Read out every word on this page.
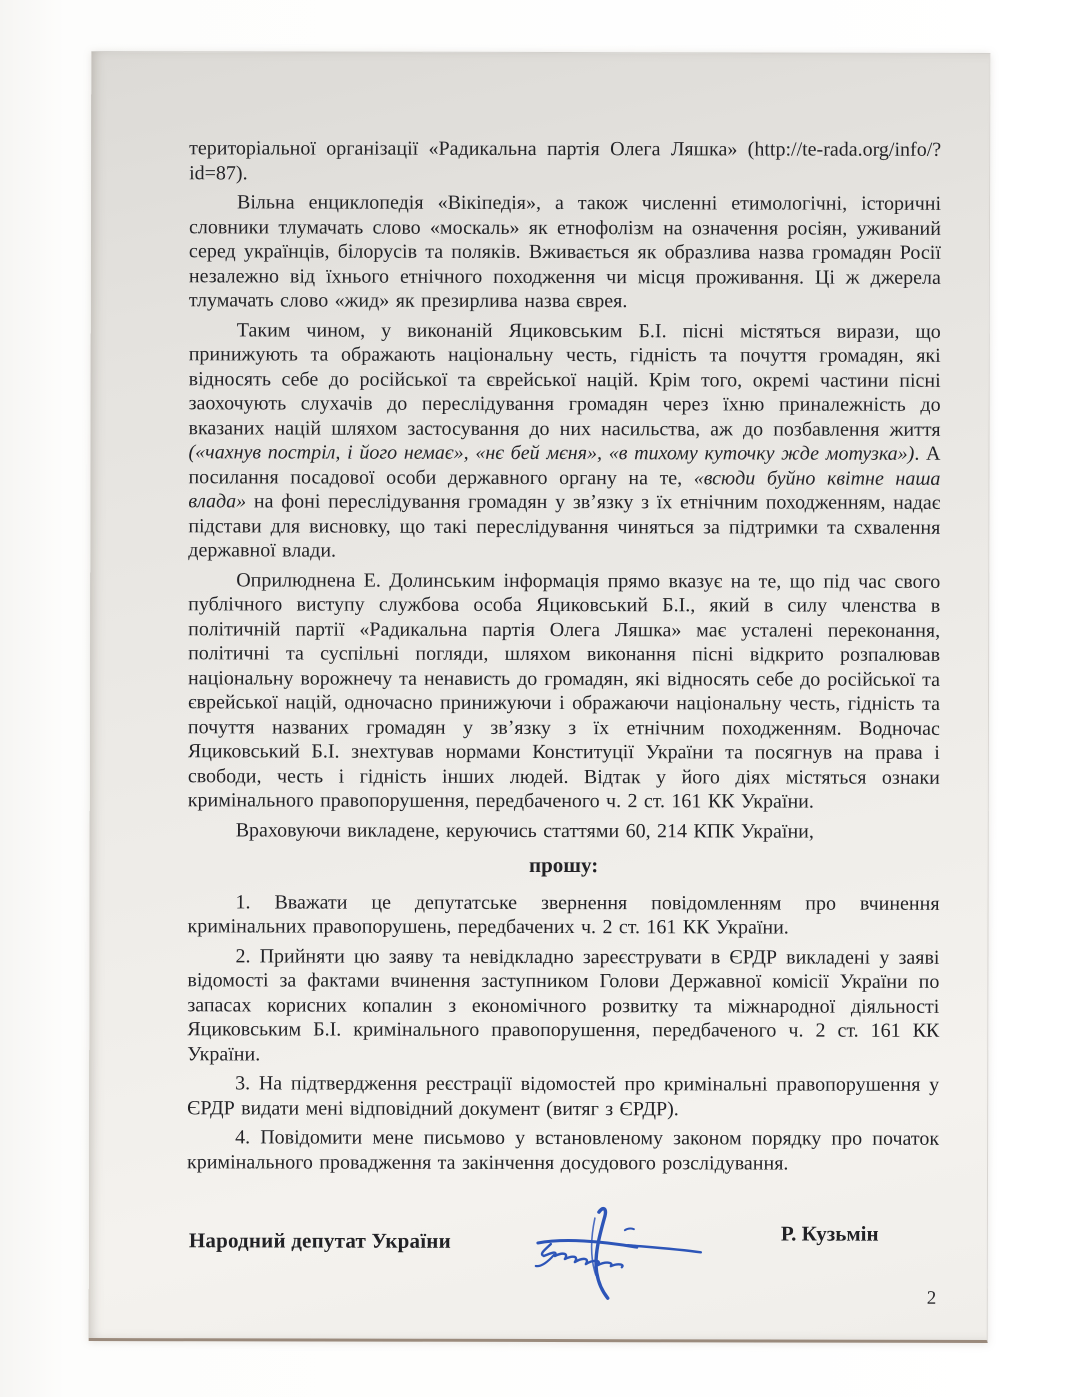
територіальної організації «Радикальна партія Олега Ляшка» (http://te-rada.org/info/?id=87).

Вільна енциклопедія «Вікіпедія», а також численні етимологічні, історичні словники тлумачать слово «москаль» як етнофолізм на означення росіян, уживаний серед українців, білорусів та поляків. Вживається як образлива назва громадян Росії незалежно від їхнього етнічного походження чи місця проживання. Ці ж джерела тлумачать слово «жид» як презирлива назва єврея.

Таким чином, у виконаній Яциковським Б.І. пісні містяться вирази, що принижують та ображають національну честь, гідність та почуття громадян, які відносять себе до російської та єврейської націй. Крім того, окремі частини пісні заохочують слухачів до переслідування громадян через їхню приналежність до вказаних націй шляхом застосування до них насильства, аж до позбавлення життя («чахнув постріл, і його немає», «нє бей мєня», «в тихому куточку жде мотузка»). А посилання посадової особи державного органу на те, «всюди буйно квітне наша влада» на фоні переслідування громадян у зв’язку з їх етнічним походженням, надає підстави для висновку, що такі переслідування чиняться за підтримки та схвалення державної влади.

Оприлюднена Е. Долинським інформація прямо вказує на те, що під час свого публічного виступу службова особа Яциковський Б.І., який в силу членства в політичній партії «Радикальна партія Олега Ляшка» має усталені переконання, політичні та суспільні погляди, шляхом виконання пісні відкрито розпалював національну ворожнечу та ненависть до громадян, які відносять себе до російської та єврейської націй, одночасно принижуючи і ображаючи національну честь, гідність та почуття названих громадян у зв’язку з їх етнічним походженням. Водночас Яциковський Б.І. знехтував нормами Конституції України та посягнув на права і свободи, честь і гідність інших людей. Відтак у його діях містяться ознаки кримінального правопорушення, передбаченого ч. 2 ст. 161 КК України.

Враховуючи викладене, керуючись статтями 60, 214 КПК України,

прошу:

1. Вважати це депутатське звернення повідомленням про вчинення кримінальних правопорушень, передбачених ч. 2 ст. 161 КК України.

2. Прийняти цю заяву та невідкладно зареєструвати в ЄРДР викладені у заяві відомості за фактами вчинення заступником Голови Державної комісії України по запасах корисних копалин з економічного розвитку та міжнародної діяльності Яциковським Б.І. кримінального правопорушення, передбаченого ч. 2 ст. 161 КК України.

3. На підтвердження реєстрації відомостей про кримінальні правопорушення у ЄРДР видати мені відповідний документ (витяг з ЄРДР).

4. Повідомити мене письмово у встановленому законом порядку про початок кримінального провадження та закінчення досудового розслідування.

Народний депутат України	Р. Кузьмін
2
